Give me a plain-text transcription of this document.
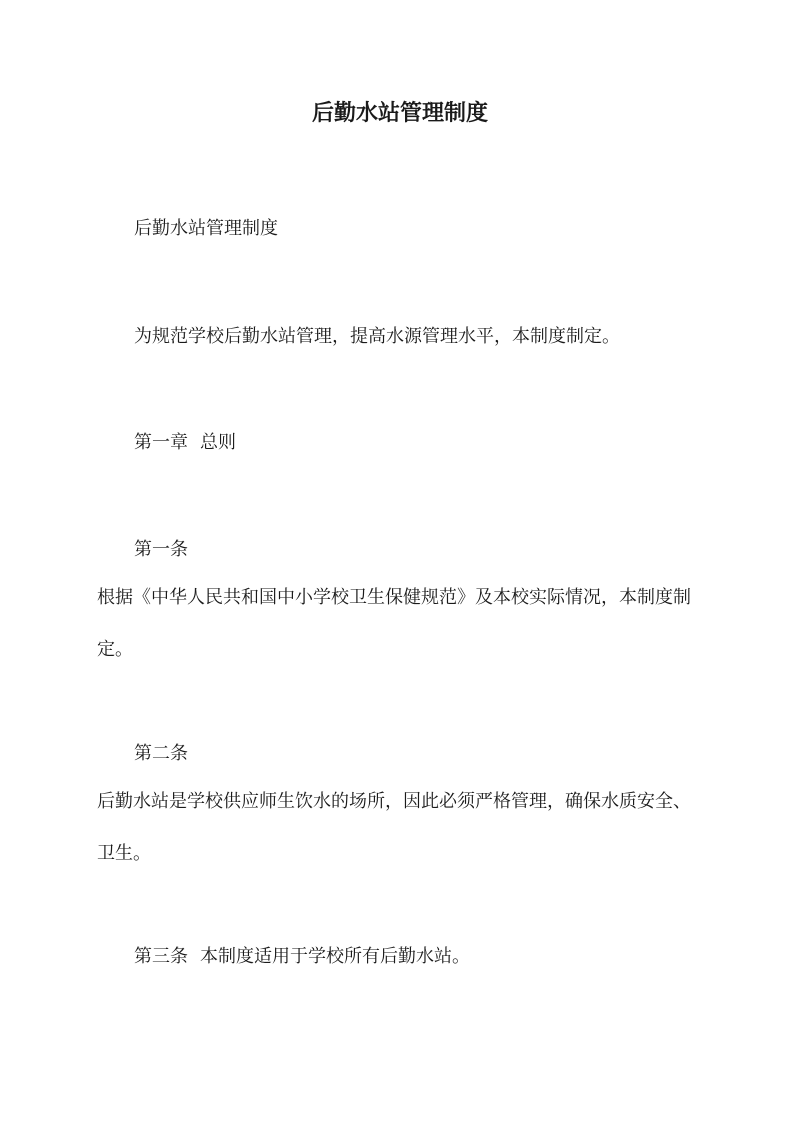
后勤水站管理制度

后勤水站管理制度

为规范学校后勤水站管理，提高水源管理水平，本制度制定。

第一章 总则

第一条

根据《中华人民共和国中小学校卫生保健规范》及本校实际情况，本制度制定。

第二条

后勤水站是学校供应师生饮水的场所，因此必须严格管理，确保水质安全、卫生。

第三条 本制度适用于学校所有后勤水站。
